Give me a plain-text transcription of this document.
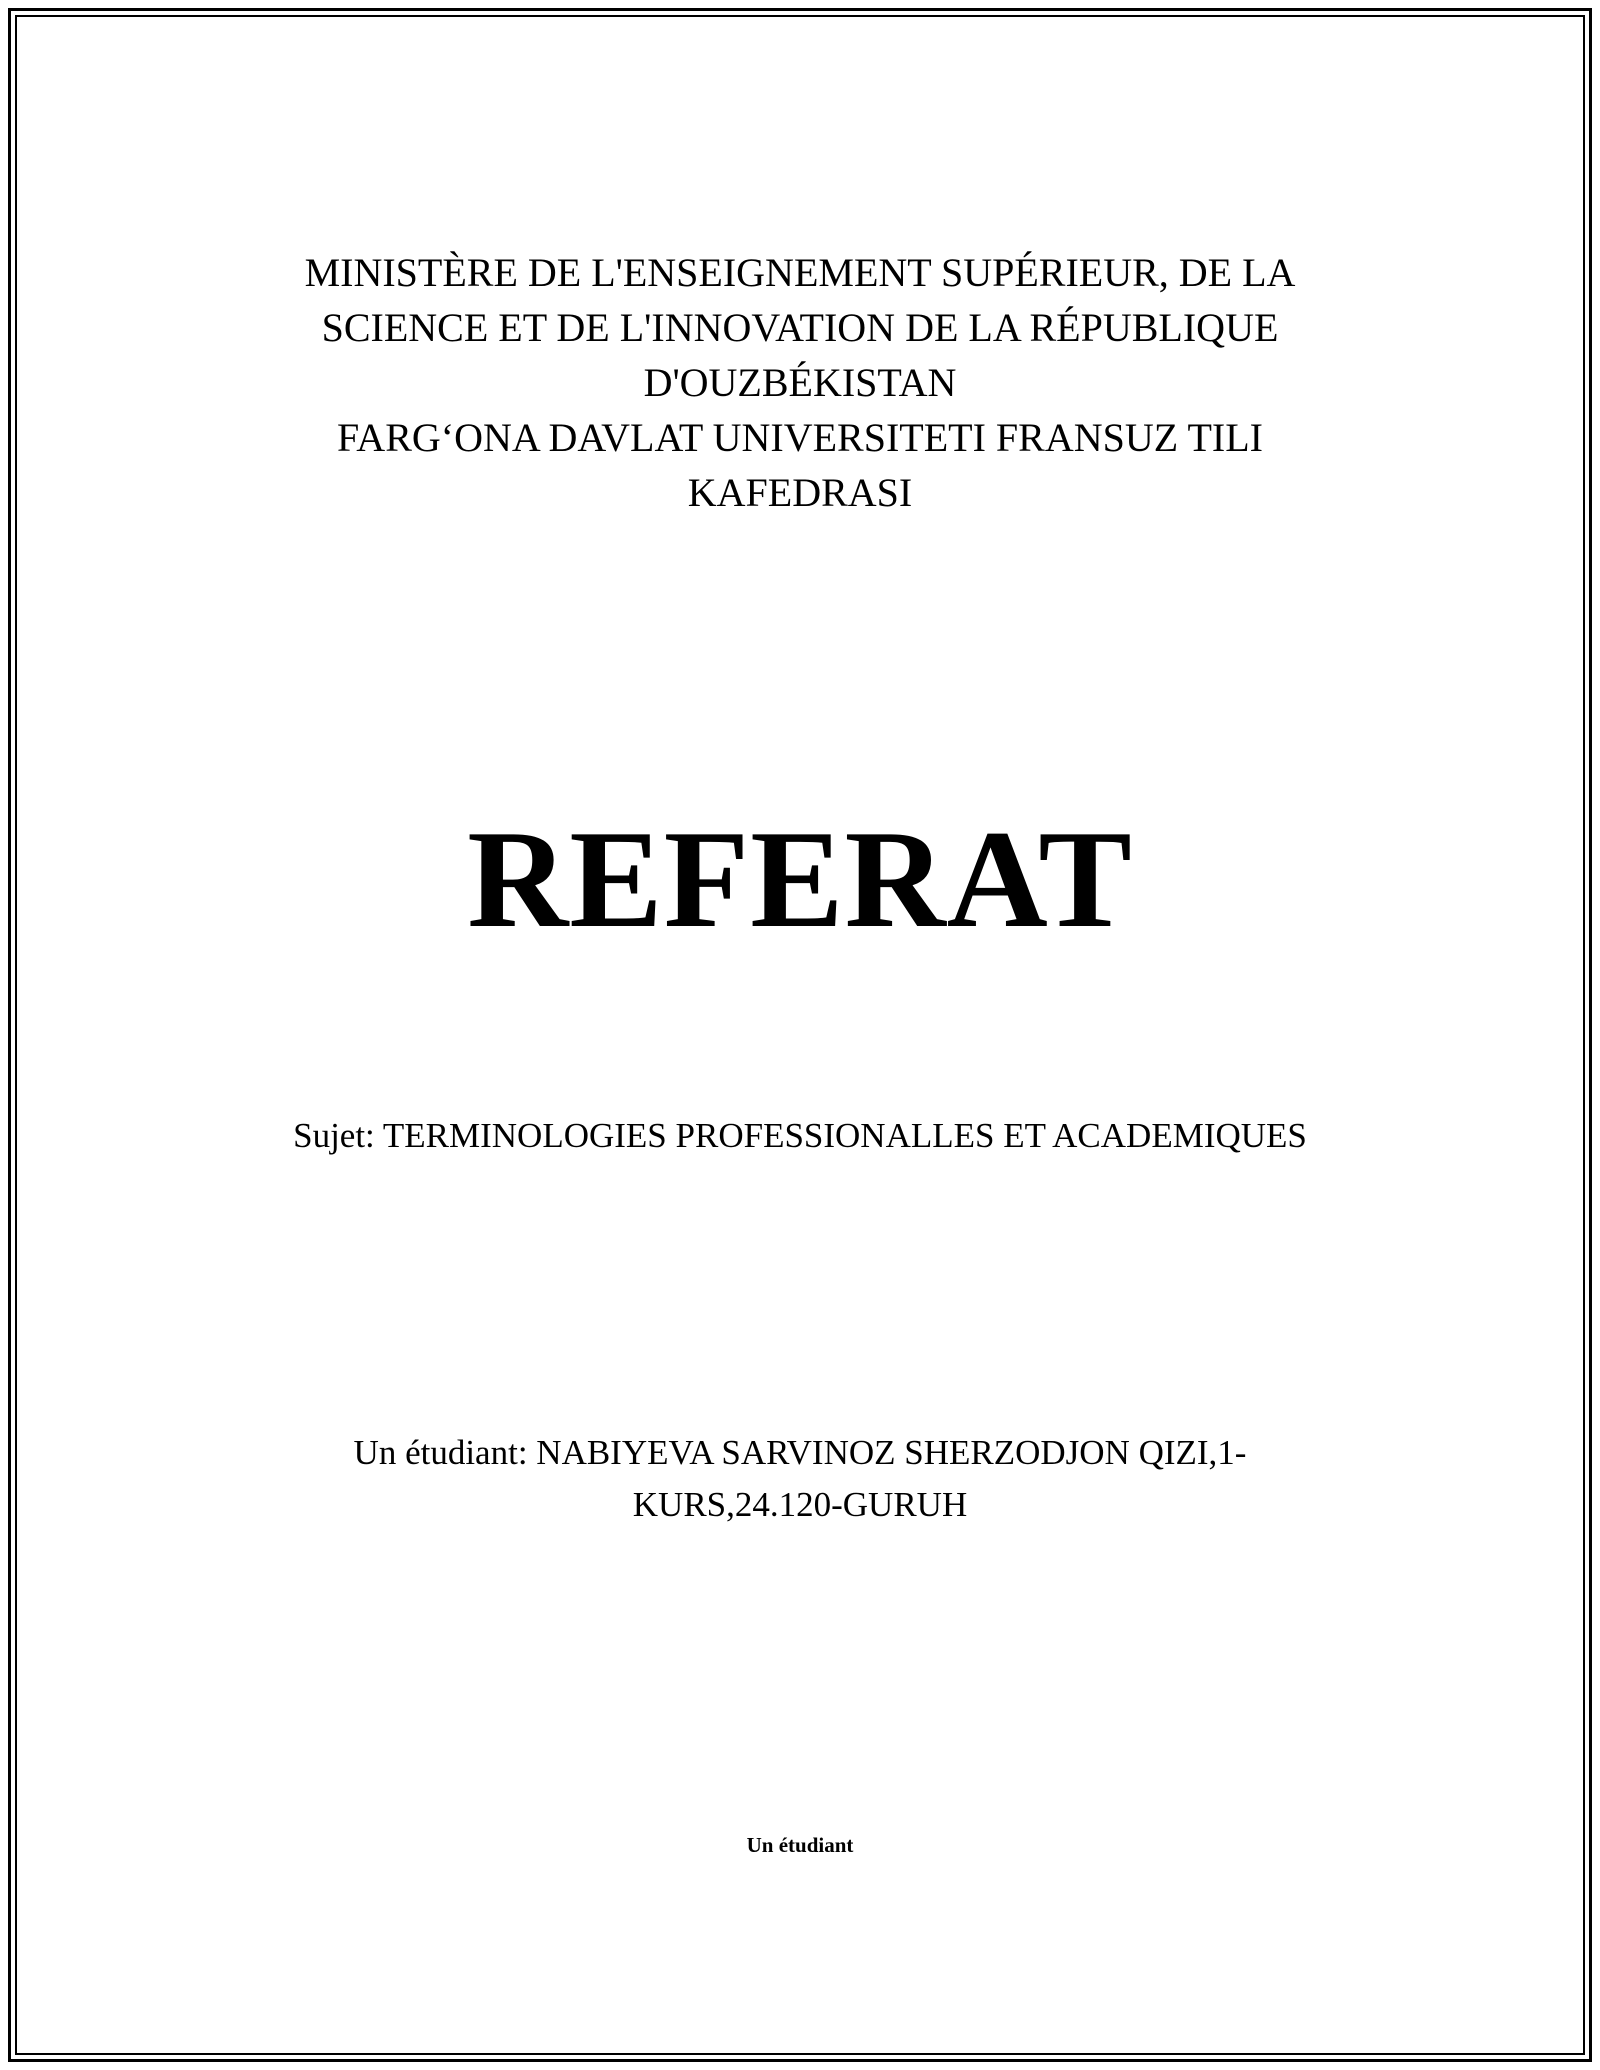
MINISTÈRE DE L'ENSEIGNEMENT SUPÉRIEUR, DE LA
SCIENCE ET DE L'INNOVATION DE LA RÉPUBLIQUE
D'OUZBÉKISTAN
FARG‘ONA DAVLAT UNIVERSITETI FRANSUZ TILI
KAFEDRASI
REFERAT
Sujet: TERMINOLOGIES PROFESSIONALLES ET ACADEMIQUES
Un étudiant: NABIYEVA SARVINOZ SHERZODJON QIZI,1-
KURS,24.120-GURUH
Un étudiant
